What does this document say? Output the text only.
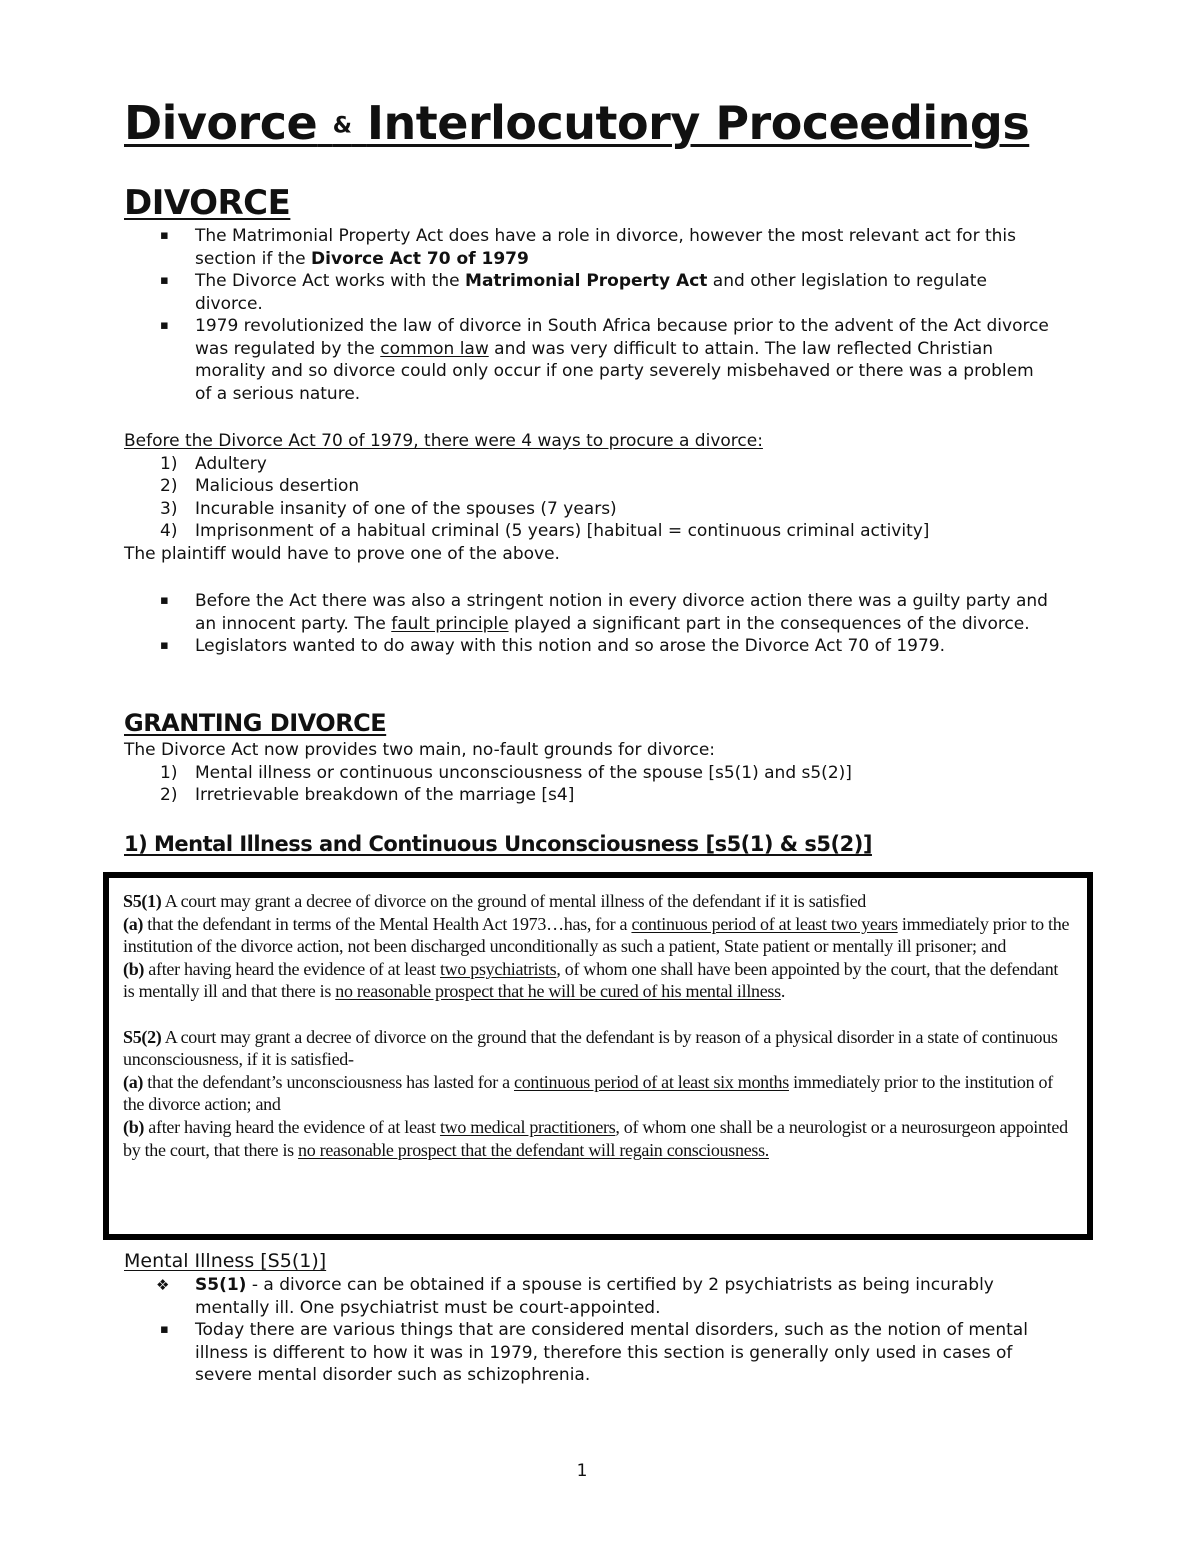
Divorce & Interlocutory Proceedings
DIVORCE
▪ The Matrimonial Property Act does have a role in divorce, however the most relevant act for this section if the Divorce Act 70 of 1979
▪ The Divorce Act works with the Matrimonial Property Act and other legislation to regulate divorce.
▪ 1979 revolutionized the law of divorce in South Africa because prior to the advent of the Act divorce was regulated by the common law and was very difficult to attain. The law reflected Christian morality and so divorce could only occur if one party severely misbehaved or there was a problem of a serious nature.
Before the Divorce Act 70 of 1979, there were 4 ways to procure a divorce:
1)	Adultery
2)	Malicious desertion
3)	Incurable insanity of one of the spouses (7 years)
4)	Imprisonment of a habitual criminal (5 years) [habitual = continuous criminal activity]
The plaintiff would have to prove one of the above.
▪ Before the Act there was also a stringent notion in every divorce action there was a guilty party and an innocent party. The fault principle played a significant part in the consequences of the divorce.
▪ Legislators wanted to do away with this notion and so arose the Divorce Act 70 of 1979.
GRANTING DIVORCE
The Divorce Act now provides two main, no-fault grounds for divorce:
1)	Mental illness or continuous unconsciousness of the spouse [s5(1) and s5(2)]
2)	Irretrievable breakdown of the marriage [s4]
1) Mental Illness and Continuous Unconsciousness [s5(1) & s5(2)]

S5(1) A court may grant a decree of divorce on the ground of mental illness of the defendant if it is satisfied
(a) that the defendant in terms of the Mental Health Act 1973…has, for a continuous period of at least two years immediately prior to the institution of the divorce action, not been discharged unconditionally as such a patient, State patient or mentally ill prisoner; and
(b) after having heard the evidence of at least two psychiatrists, of whom one shall have been appointed by the court, that the defendant is mentally ill and that there is no reasonable prospect that he will be cured of his mental illness.

S5(2) A court may grant a decree of divorce on the ground that the defendant is by reason of a physical disorder in a state of continuous unconsciousness, if it is satisfied-
(a) that the defendant’s unconsciousness has lasted for a continuous period of at least six months immediately prior to the institution of the divorce action; and
(b) after having heard the evidence of at least two medical practitioners, of whom one shall be a neurologist or a neurosurgeon appointed by the court, that there is no reasonable prospect that the defendant will regain consciousness.

Mental Illness [S5(1)]
❖ S5(1) - a divorce can be obtained if a spouse is certified by 2 psychiatrists as being incurably mentally ill. One psychiatrist must be court-appointed.
▪ Today there are various things that are considered mental disorders, such as the notion of mental illness is different to how it was in 1979, therefore this section is generally only used in cases of severe mental disorder such as schizophrenia.
1
